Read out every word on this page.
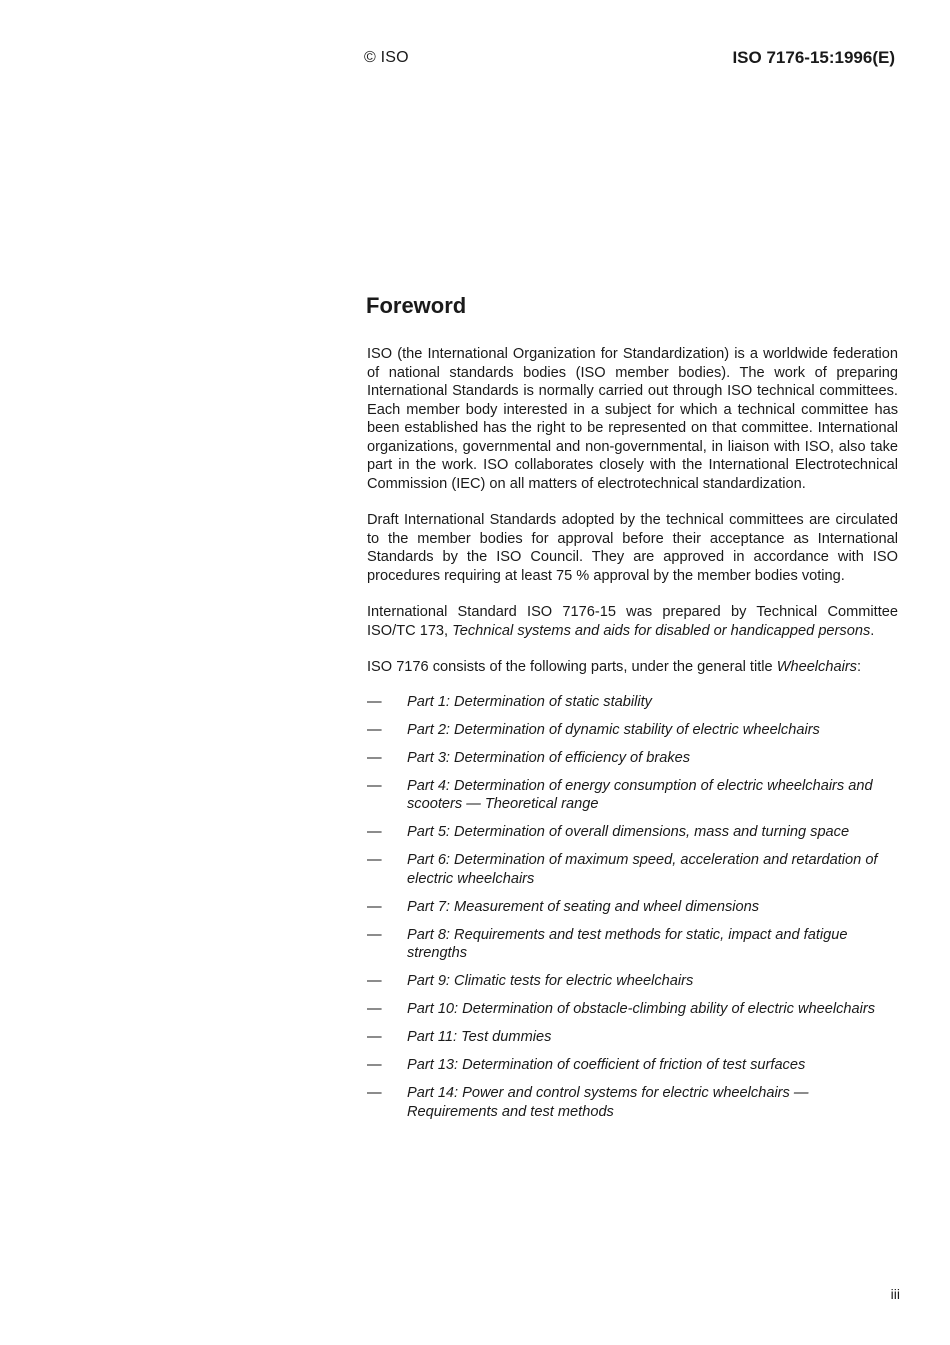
© ISO	ISO 7176-15:1996(E)
Foreword

ISO (the International Organization for Standardization) is a worldwide federation of national standards bodies (ISO member bodies). The work of preparing International Standards is normally carried out through ISO technical committees. Each member body interested in a subject for which a technical committee has been established has the right to be represented on that committee. International organizations, governmental and non-governmental, in liaison with ISO, also take part in the work. ISO collaborates closely with the International Electrotechnical Commission (IEC) on all matters of electrotechnical standardization.

Draft International Standards adopted by the technical committees are circulated to the member bodies for approval before their acceptance as International Standards by the ISO Council. They are approved in accordance with ISO procedures requiring at least 75 % approval by the member bodies voting.

International Standard ISO 7176-15 was prepared by Technical Committee ISO/TC 173, Technical systems and aids for disabled or handicapped persons.

ISO 7176 consists of the following parts, under the general title Wheelchairs:

—	Part 1: Determination of static stability
—	Part 2: Determination of dynamic stability of electric wheelchairs
—	Part 3: Determination of efficiency of brakes
—	Part 4: Determination of energy consumption of electric wheelchairs and scooters — Theoretical range
—	Part 5: Determination of overall dimensions, mass and turning space
—	Part 6: Determination of maximum speed, acceleration and retardation of electric wheelchairs
—	Part 7: Measurement of seating and wheel dimensions
—	Part 8: Requirements and test methods for static, impact and fatigue strengths
—	Part 9: Climatic tests for electric wheelchairs
—	Part 10: Determination of obstacle-climbing ability of electric wheelchairs
—	Part 11: Test dummies
—	Part 13: Determination of coefficient of friction of test surfaces
—	Part 14: Power and control systems for electric wheelchairs — Requirements and test methods
iii
